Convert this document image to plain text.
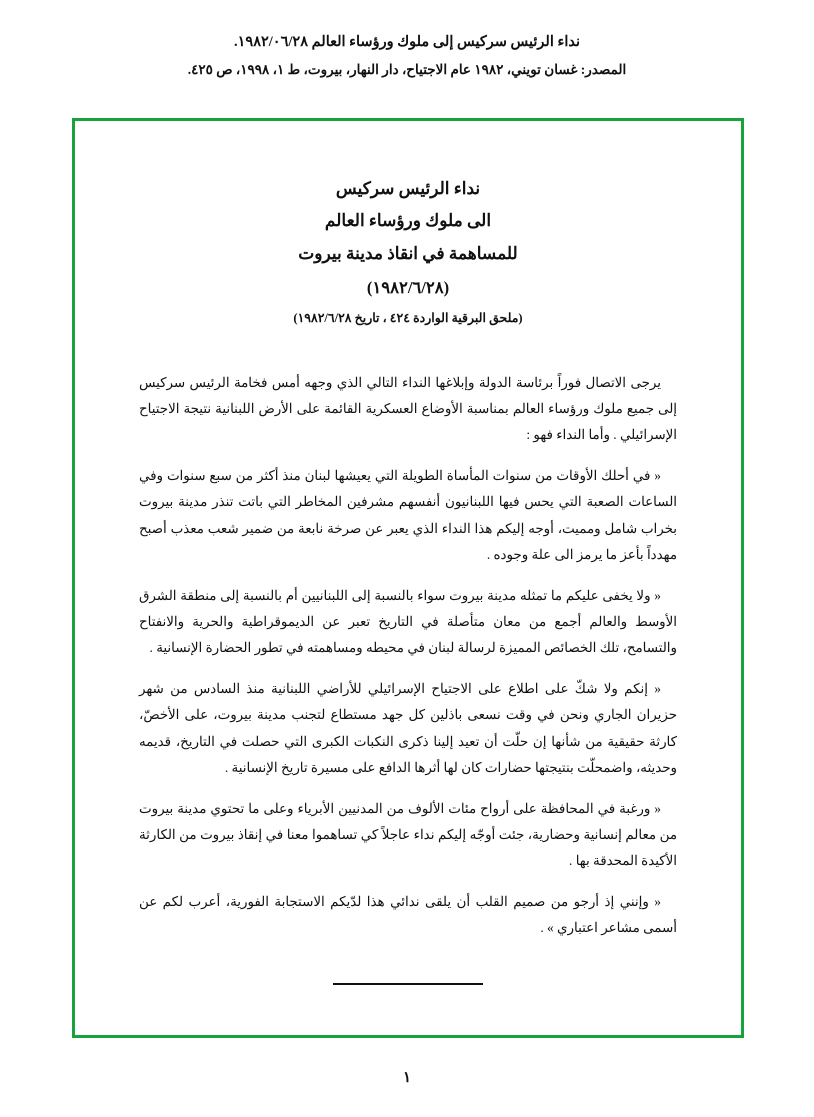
نداء الرئيس سركيس إلى ملوك ورؤساء العالم ١٩٨٢/٠٦/٢٨.
المصدر: غسان تويني، ١٩٨٢ عام الاجتياح، دار النهار، بيروت، ط ١، ١٩٩٨، ص ٤٢٥.
نداء الرئيس سركيس
الى ملوك ورؤساء العالم
للمساهمة في انقاذ مدينة بيروت
(١٩٨٢/٦/٢٨)
(ملحق البرقية الواردة ٤٢٤ ، تاريخ ١٩٨٢/٦/٢٨)

يرجى الاتصال فوراً برئاسة الدولة وإبلاغها النداء التالي الذي وجهه أمس فخامة الرئيس سركيس إلى جميع ملوك ورؤساء العالم بمناسبة الأوضاع العسكرية القائمة على الأرض اللبنانية نتيجة الاجتياح الإسرائيلي . وأما النداء فهو :

« في أحلك الأوقات من سنوات المأساة الطويلة التي يعيشها لبنان منذ أكثر من سبع سنوات وفي الساعات الصعبة التي يحس فيها اللبنانيون أنفسهم مشرفين المخاطر التي باتت تنذر مدينة بيروت بخراب شامل ومميت، أوجه إليكم هذا النداء الذي يعبر عن صرخة نابعة من ضمير شعب معذب أصبح مهدداً بأعز ما يرمز الى علة وجوده .

« ولا يخفى عليكم ما تمثله مدينة بيروت سواء بالنسبة إلى اللبنانيين أم بالنسبة إلى منطقة الشرق الأوسط والعالم أجمع من معان متأصلة في التاريخ تعبر عن الديموقراطية والحرية والانفتاح والتسامح، تلك الخصائص المميزة لرسالة لبنان في محيطه ومساهمته في تطور الحضارة الإنسانية .

« إنكم ولا شكّ على اطلاع على الاجتياح الإسرائيلي للأراضي اللبنانية منذ السادس من شهر حزيران الجاري ونحن في وقت نسعى باذلين كل جهد مستطاع لتجنب مدينة بيروت، على الأخصّ، كارثة حقيقية من شأنها إن حلّت أن تعيد إلينا ذكرى النكبات الكبرى التي حصلت في التاريخ، قديمه وحديثه، واضمحلّت بنتيجتها حضارات كان لها أثرها الدافع على مسيرة تاريخ الإنسانية .

« ورغبة في المحافظة على أرواح مئات الألوف من المدنيين الأبرياء وعلى ما تحتوي مدينة بيروت من معالم إنسانية وحضارية، جئت أوجّه إليكم نداء عاجلاً كي تساهموا معنا في إنقاذ بيروت من الكارثة الأكيدة المحدقة بها .

« وإنني إذ أرجو من صميم القلب أن يلقى ندائي هذا لدّيكم الاستجابة الفورية، أعرب لكم عن أسمى مشاعر اعتباري » .

١
